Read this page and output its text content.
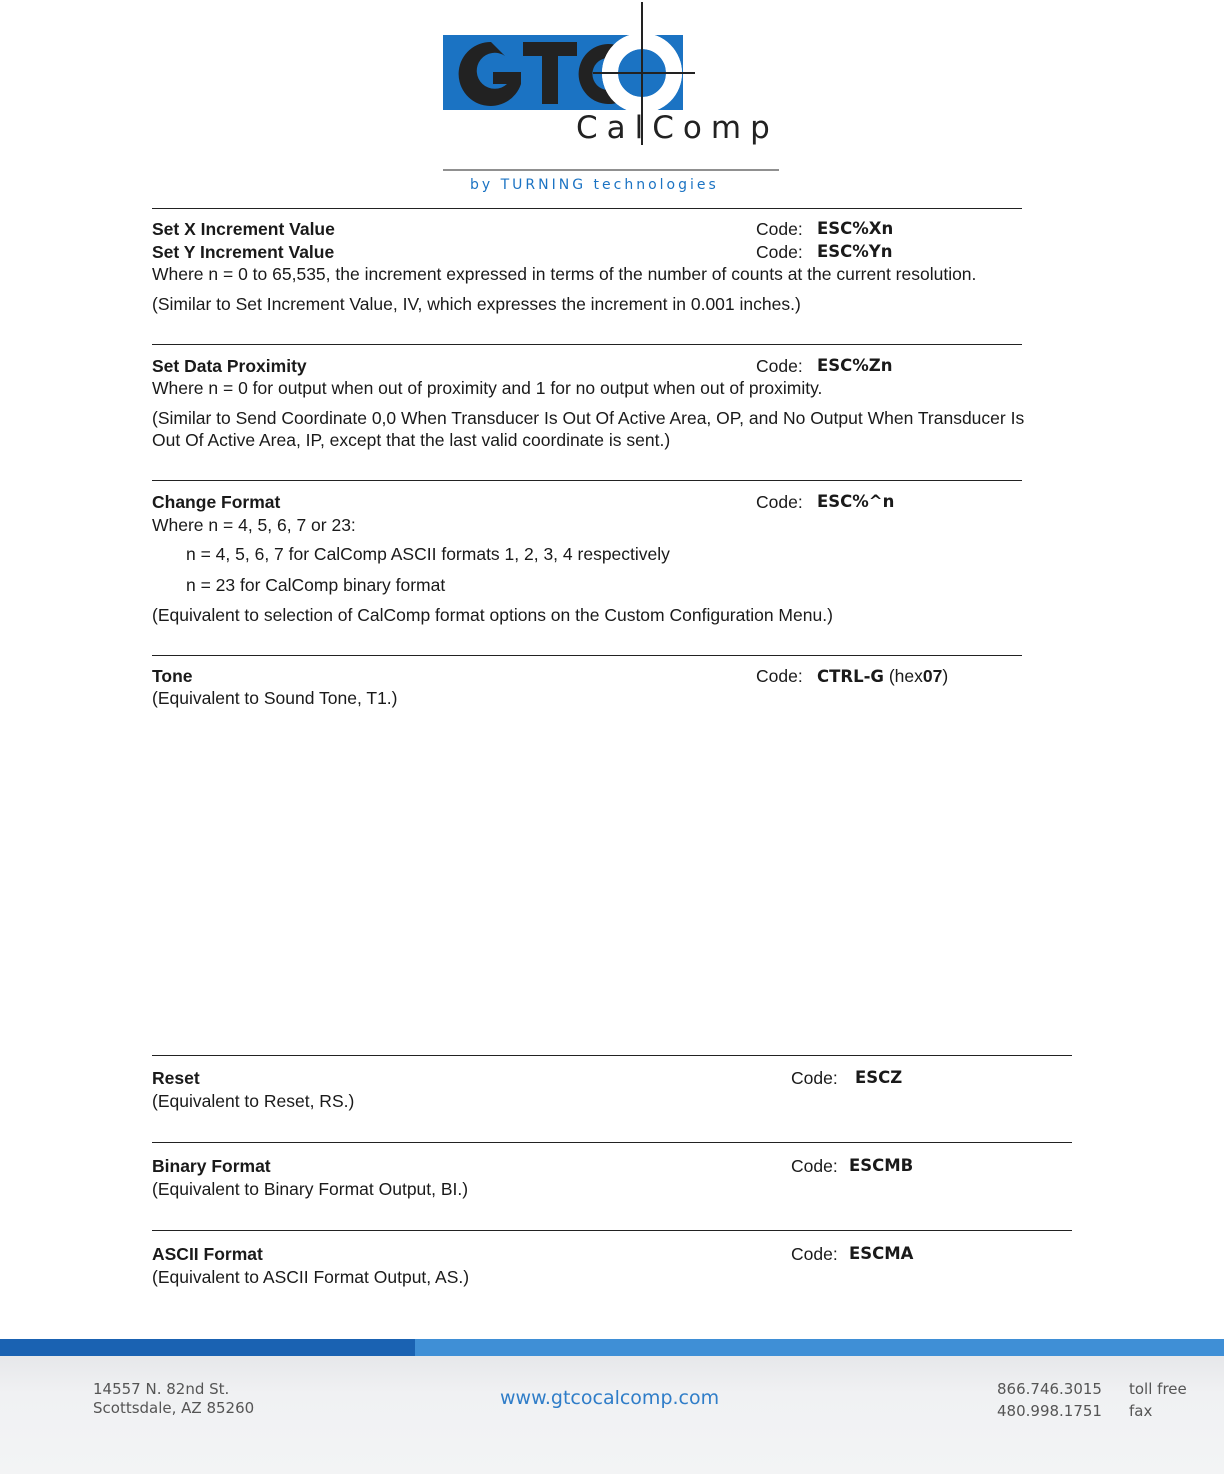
CalComp
by TURNING technologies
Set X Increment Value	Code: ESC%Xn
Set Y Increment Value	Code: ESC%Yn
Where n = 0 to 65,535, the increment expressed in terms of the number of counts at the current resolution.
(Similar to Set Increment Value, IV, which expresses the increment in 0.001 inches.)
Set Data Proximity	Code: ESC%Zn
Where n = 0 for output when out of proximity and 1 for no output when out of proximity.
(Similar to Send Coordinate 0,0 When Transducer Is Out Of Active Area, OP, and No Output When Transducer Is
Out Of Active Area, IP, except that the last valid coordinate is sent.)
Change Format	Code: ESC%^n
Where n = 4, 5, 6, 7 or 23:
n = 4, 5, 6, 7 for CalComp ASCII formats 1, 2, 3, 4 respectively
n = 23 for CalComp binary format
(Equivalent to selection of CalComp format options on the Custom Configuration Menu.)
Tone	Code: CTRL-G (hex07)
(Equivalent to Sound Tone, T1.)
Reset	Code: ESCZ
(Equivalent to Reset, RS.)
Binary Format	Code: ESCMB
(Equivalent to Binary Format Output, BI.)
ASCII Format	Code: ESCMA
(Equivalent to ASCII Format Output, AS.)
14557 N. 82nd St.
Scottsdale, AZ 85260	www.gtcocalcomp.com	866.746.3015 toll free
480.998.1751 fax
